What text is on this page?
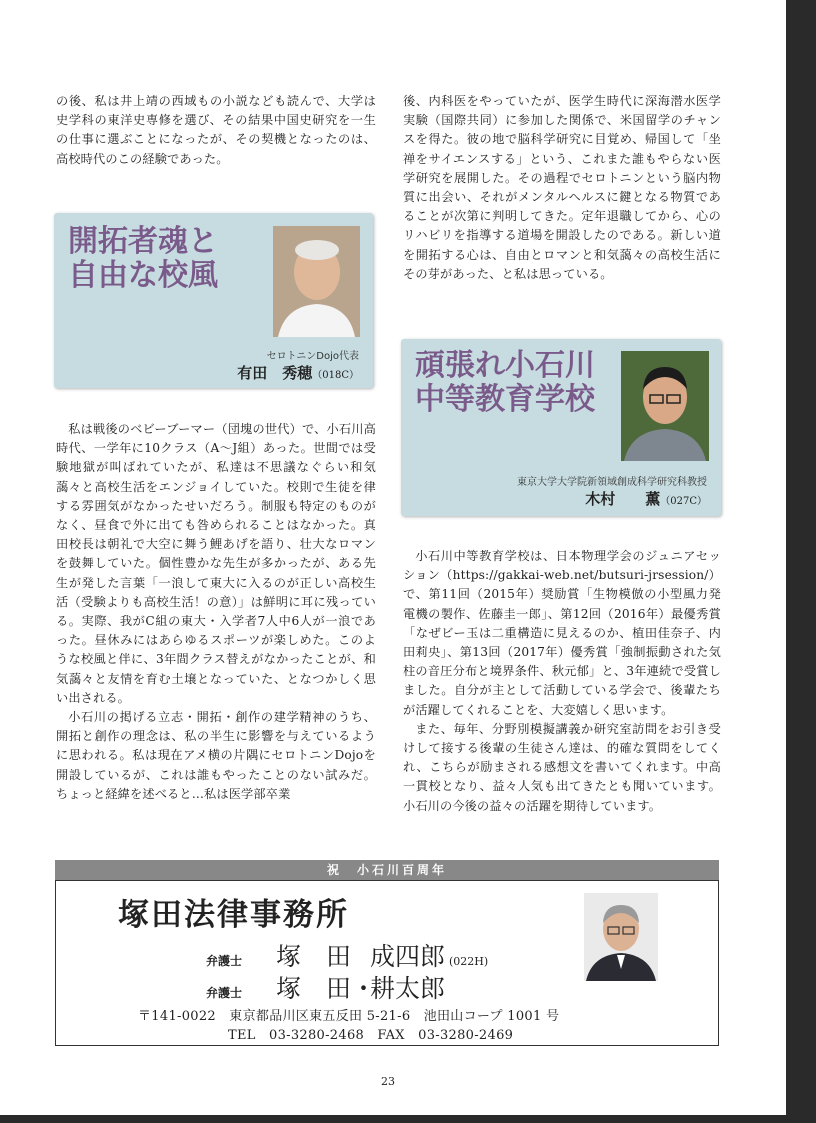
の後、私は井上靖の西域もの小説なども読んで、大学は史学科の東洋史専修を選び、その結果中国史研究を一生の仕事に選ぶことになったが、その契機となったのは、高校時代のこの経験であった。

開拓者魂と
自由な校風
セロトニンDojo代表
有田　秀穂（018C）

私は戦後のベビーブーマー（団塊の世代）で、小石川高時代、一学年に10クラス（A～J組）あった。世間では受験地獄が叫ばれていたが、私達は不思議なぐらい和気藹々と高校生活をエンジョイしていた。校則で生徒を律する雰囲気がなかったせいだろう。制服も特定のものがなく、昼食で外に出ても咎められることはなかった。真田校長は朝礼で大空に舞う鯉あげを語り、壮大なロマンを鼓舞していた。個性豊かな先生が多かったが、ある先生が発した言葉「一浪して東大に入るのが正しい高校生活（受験よりも高校生活！の意）」は鮮明に耳に残っている。実際、我がC組の東大・入学者7人中6人が一浪であった。昼休みにはあらゆるスポーツが楽しめた。このような校風と伴に、3年間クラス替えがなかったことが、和気藹々と友情を育む土壌となっていた、となつかしく思い出される。

小石川の掲げる立志・開拓・創作の建学精神のうち、開拓と創作の理念は、私の半生に影響を与えているように思われる。私は現在アメ横の片隅にセロトニンDojoを開設しているが、これは誰もやったことのない試みだ。ちょっと経緯を述べると…私は医学部卒業

後、内科医をやっていたが、医学生時代に深海潜水医学実験（国際共同）に参加した関係で、米国留学のチャンスを得た。彼の地で脳科学研究に目覚め、帰国して「坐禅をサイエンスする」という、これまた誰もやらない医学研究を展開した。その過程でセロトニンという脳内物質に出会い、それがメンタルヘルスに鍵となる物質であることが次第に判明してきた。定年退職してから、心のリハビリを指導する道場を開設したのである。新しい道を開拓する心は、自由とロマンと和気藹々の高校生活にその芽があった、と私は思っている。

頑張れ小石川
中等教育学校
東京大学大学院新領域創成科学研究科教授
木村　　薫（027C）

小石川中等教育学校は、日本物理学会のジュニアセッション（https://gakkai-web.net/butsuri-jrsession/）で、第11回（2015年）奨励賞「生物模倣の小型風力発電機の製作、佐藤圭一郎」、第12回（2016年）最優秀賞「なぜビー玉は二重構造に見えるのか、植田佳奈子、内田莉央」、第13回（2017年）優秀賞「強制振動された気柱の音圧分布と境界条件、秋元郁」と、3年連続で受賞しました。自分が主として活動している学会で、後輩たちが活躍してくれることを、大変嬉しく思います。

また、毎年、分野別模擬講義か研究室訪問をお引き受けして接する後輩の生徒さん達は、的確な質問をしてくれ、こちらが励まされる感想文を書いてくれます。中高一貫校となり、益々人気も出てきたとも聞いています。小石川の今後の益々の活躍を期待しています。

祝　小石川百周年
塚田法律事務所
弁護士 塚　田 成四郎 (022H)
弁護士 塚　田・耕太郎
〒141-0022　東京都品川区東五反田 5-21-6　池田山コープ 1001 号
TEL　03-3280-2468　FAX　03-3280-2469
23
